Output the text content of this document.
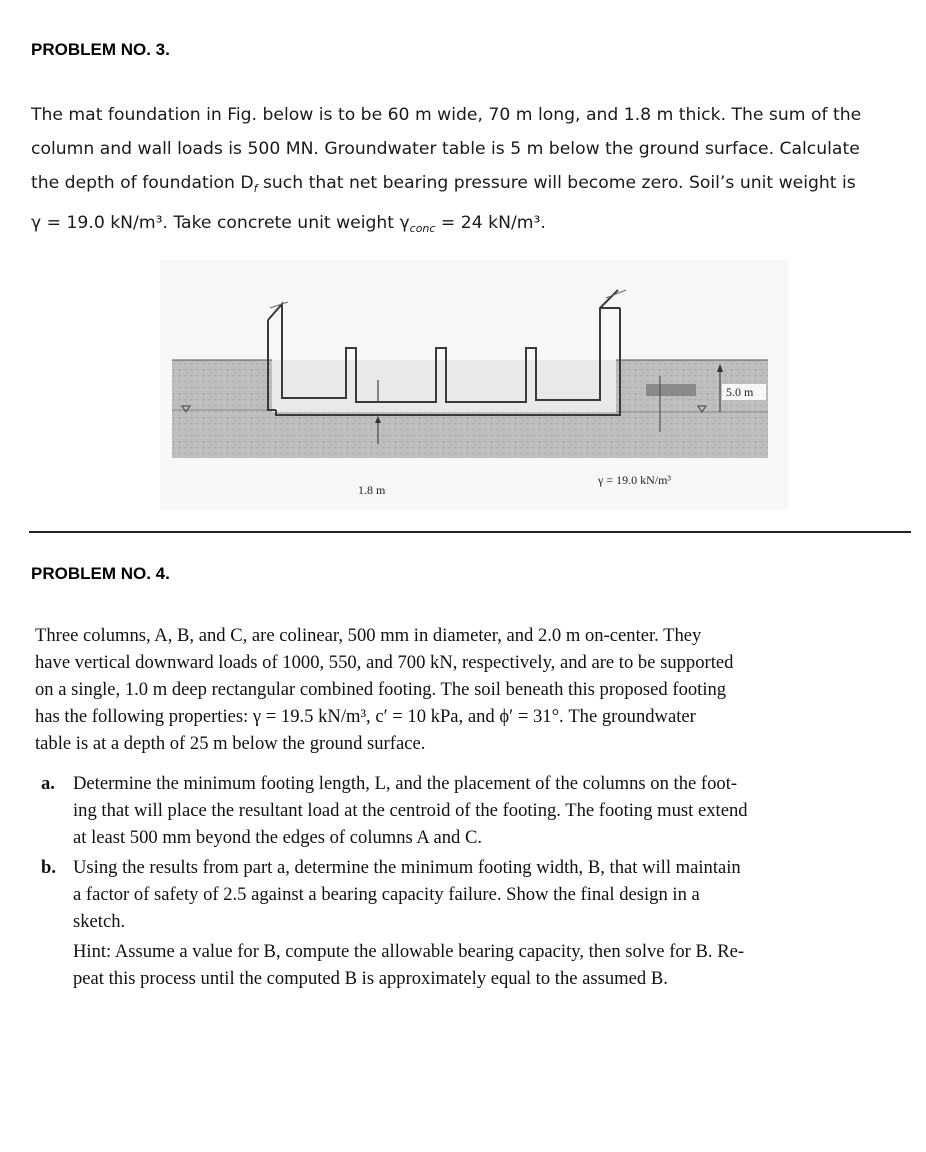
PROBLEM NO. 3.
The mat foundation in Fig. below is to be 60 m wide, 70 m long, and 1.8 m thick. The sum of the
column and wall loads is 500 MN. Groundwater table is 5 m below the ground surface. Calculate
the depth of foundation $D_f$ such that net bearing pressure will become zero. Soil’s unit weight is
γ = 19.0 kN/m³. Take concrete unit weight $\gamma_{conc} = 24$ kN/m³.
5.0 m
1.8 m
γ = 19.0 kN/m³
PROBLEM NO. 4.
Three columns, A, B, and C, are colinear, 500 mm in diameter, and 2.0 m on-center. They
have vertical downward loads of 1000, 550, and 700 kN, respectively, and are to be supported
on a single, 1.0 m deep rectangular combined footing. The soil beneath this proposed footing
has the following properties: γ = 19.5 kN/m³, c′ = 10 kPa, and ϕ′ = 31°. The groundwater
table is at a depth of 25 m below the ground surface.
a. Determine the minimum footing length, L, and the placement of the columns on the foot-
ing that will place the resultant load at the centroid of the footing. The footing must extend
at least 500 mm beyond the edges of columns A and C.
b. Using the results from part a, determine the minimum footing width, B, that will maintain
a factor of safety of 2.5 against a bearing capacity failure. Show the final design in a
sketch.
Hint: Assume a value for B, compute the allowable bearing capacity, then solve for B. Re-
peat this process until the computed B is approximately equal to the assumed B.
